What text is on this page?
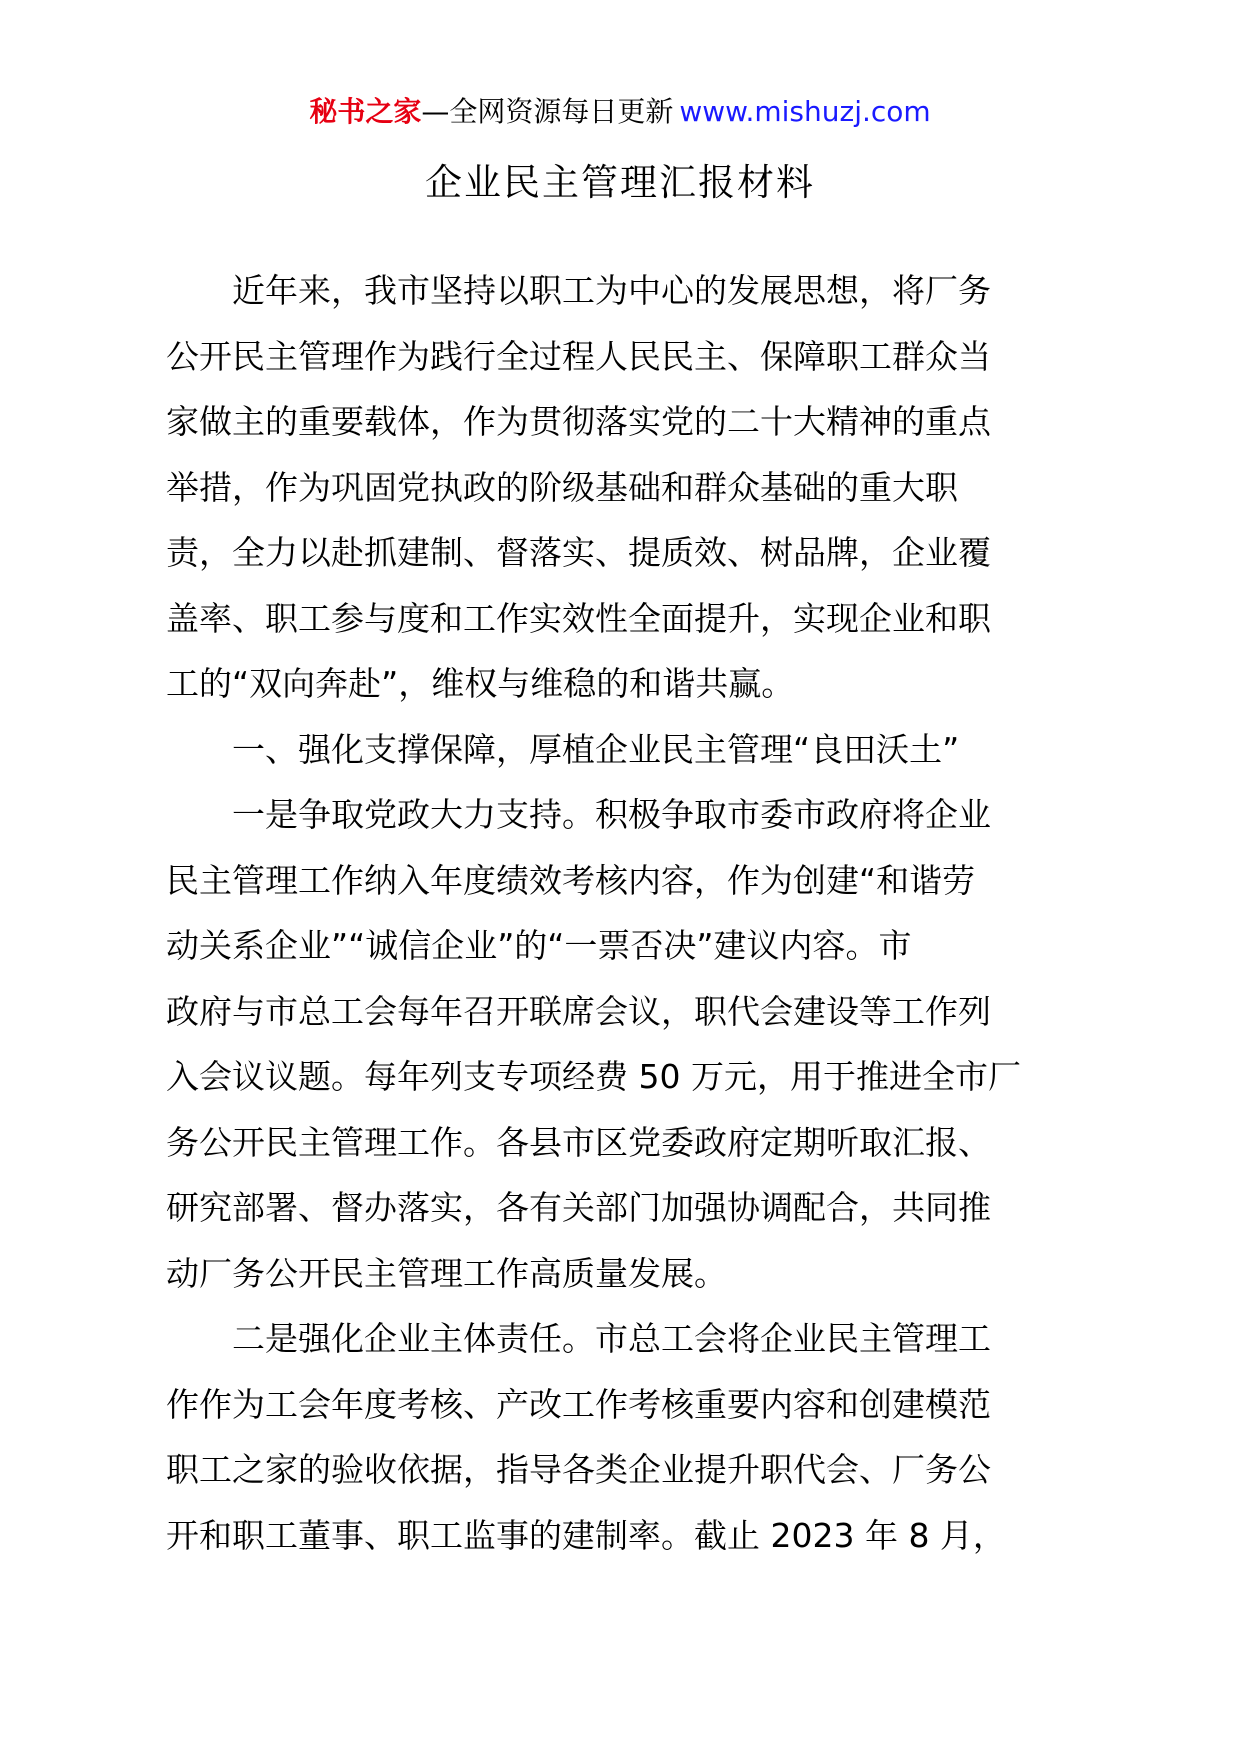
秘书之家—全网资源每日更新 www.mishuzj.com
企业民主管理汇报材料
近年来，我市坚持以职工为中心的发展思想，将厂务
公开民主管理作为践行全过程人民民主、保障职工群众当
家做主的重要载体，作为贯彻落实党的二十大精神的重点
举措，作为巩固党执政的阶级基础和群众基础的重大职
责，全力以赴抓建制、督落实、提质效、树品牌，企业覆
盖率、职工参与度和工作实效性全面提升，实现企业和职
工的“双向奔赴”，维权与维稳的和谐共赢。
一、强化支撑保障，厚植企业民主管理“良田沃土”
一是争取党政大力支持。积极争取市委市政府将企业
民主管理工作纳入年度绩效考核内容，作为创建“和谐劳
动关系企业”“诚信企业”的“一票否决”建议内容。市
政府与市总工会每年召开联席会议，职代会建设等工作列
入会议议题。每年列支专项经费 50 万元，用于推进全市厂
务公开民主管理工作。各县市区党委政府定期听取汇报、
研究部署、督办落实，各有关部门加强协调配合，共同推
动厂务公开民主管理工作高质量发展。
二是强化企业主体责任。市总工会将企业民主管理工
作作为工会年度考核、产改工作考核重要内容和创建模范
职工之家的验收依据，指导各类企业提升职代会、厂务公
开和职工董事、职工监事的建制率。截止 2023 年 8 月，
